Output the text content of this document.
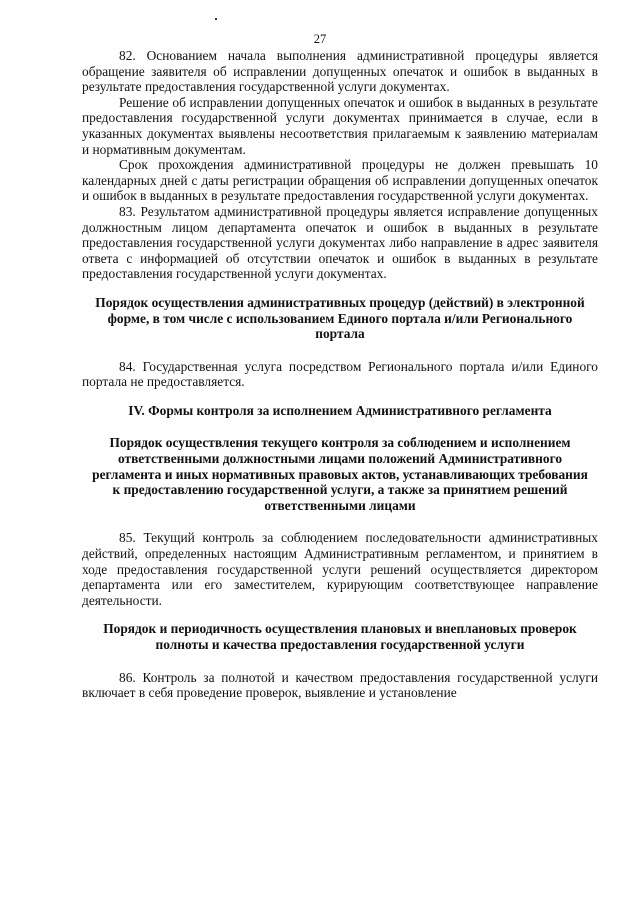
27

82. Основанием начала выполнения административной процедуры является обращение заявителя об исправлении допущенных опечаток и ошибок в выданных в результате предоставления государственной услуги документах.

Решение об исправлении допущенных опечаток и ошибок в выданных в результате предоставления государственной услуги документах принимается в случае, если в указанных документах выявлены несоответствия прилагаемым к заявлению материалам и нормативным документам.

Срок прохождения административной процедуры не должен превышать 10 календарных дней с даты регистрации обращения об исправлении допущенных опечаток и ошибок в выданных в результате предоставления государственной услуги документах.

83. Результатом административной процедуры является исправление допущенных должностным лицом департамента опечаток и ошибок в выданных в результате предоставления государственной услуги документах либо направление в адрес заявителя ответа с информацией об отсутствии опечаток и ошибок в выданных в результате предоставления государственной услуги документах.

Порядок осуществления административных процедур (действий) в электронной форме, в том числе с использованием Единого портала и/или Регионального портала

84. Государственная услуга посредством Регионального портала и/или Единого портала не предоставляется.

IV. Формы контроля за исполнением Административного регламента

Порядок осуществления текущего контроля за соблюдением и исполнением ответственными должностными лицами положений Административного регламента и иных нормативных правовых актов, устанавливающих требования к предоставлению государственной услуги, а также за принятием решений ответственными лицами

85. Текущий контроль за соблюдением последовательности административных действий, определенных настоящим Административным регламентом, и принятием в ходе предоставления государственной услуги решений осуществляется директором департамента или его заместителем, курирующим соответствующее направление деятельности.

Порядок и периодичность осуществления плановых и внеплановых проверок полноты и качества предоставления государственной услуги

86. Контроль за полнотой и качеством предоставления государственной услуги включает в себя проведение проверок, выявление и установление
